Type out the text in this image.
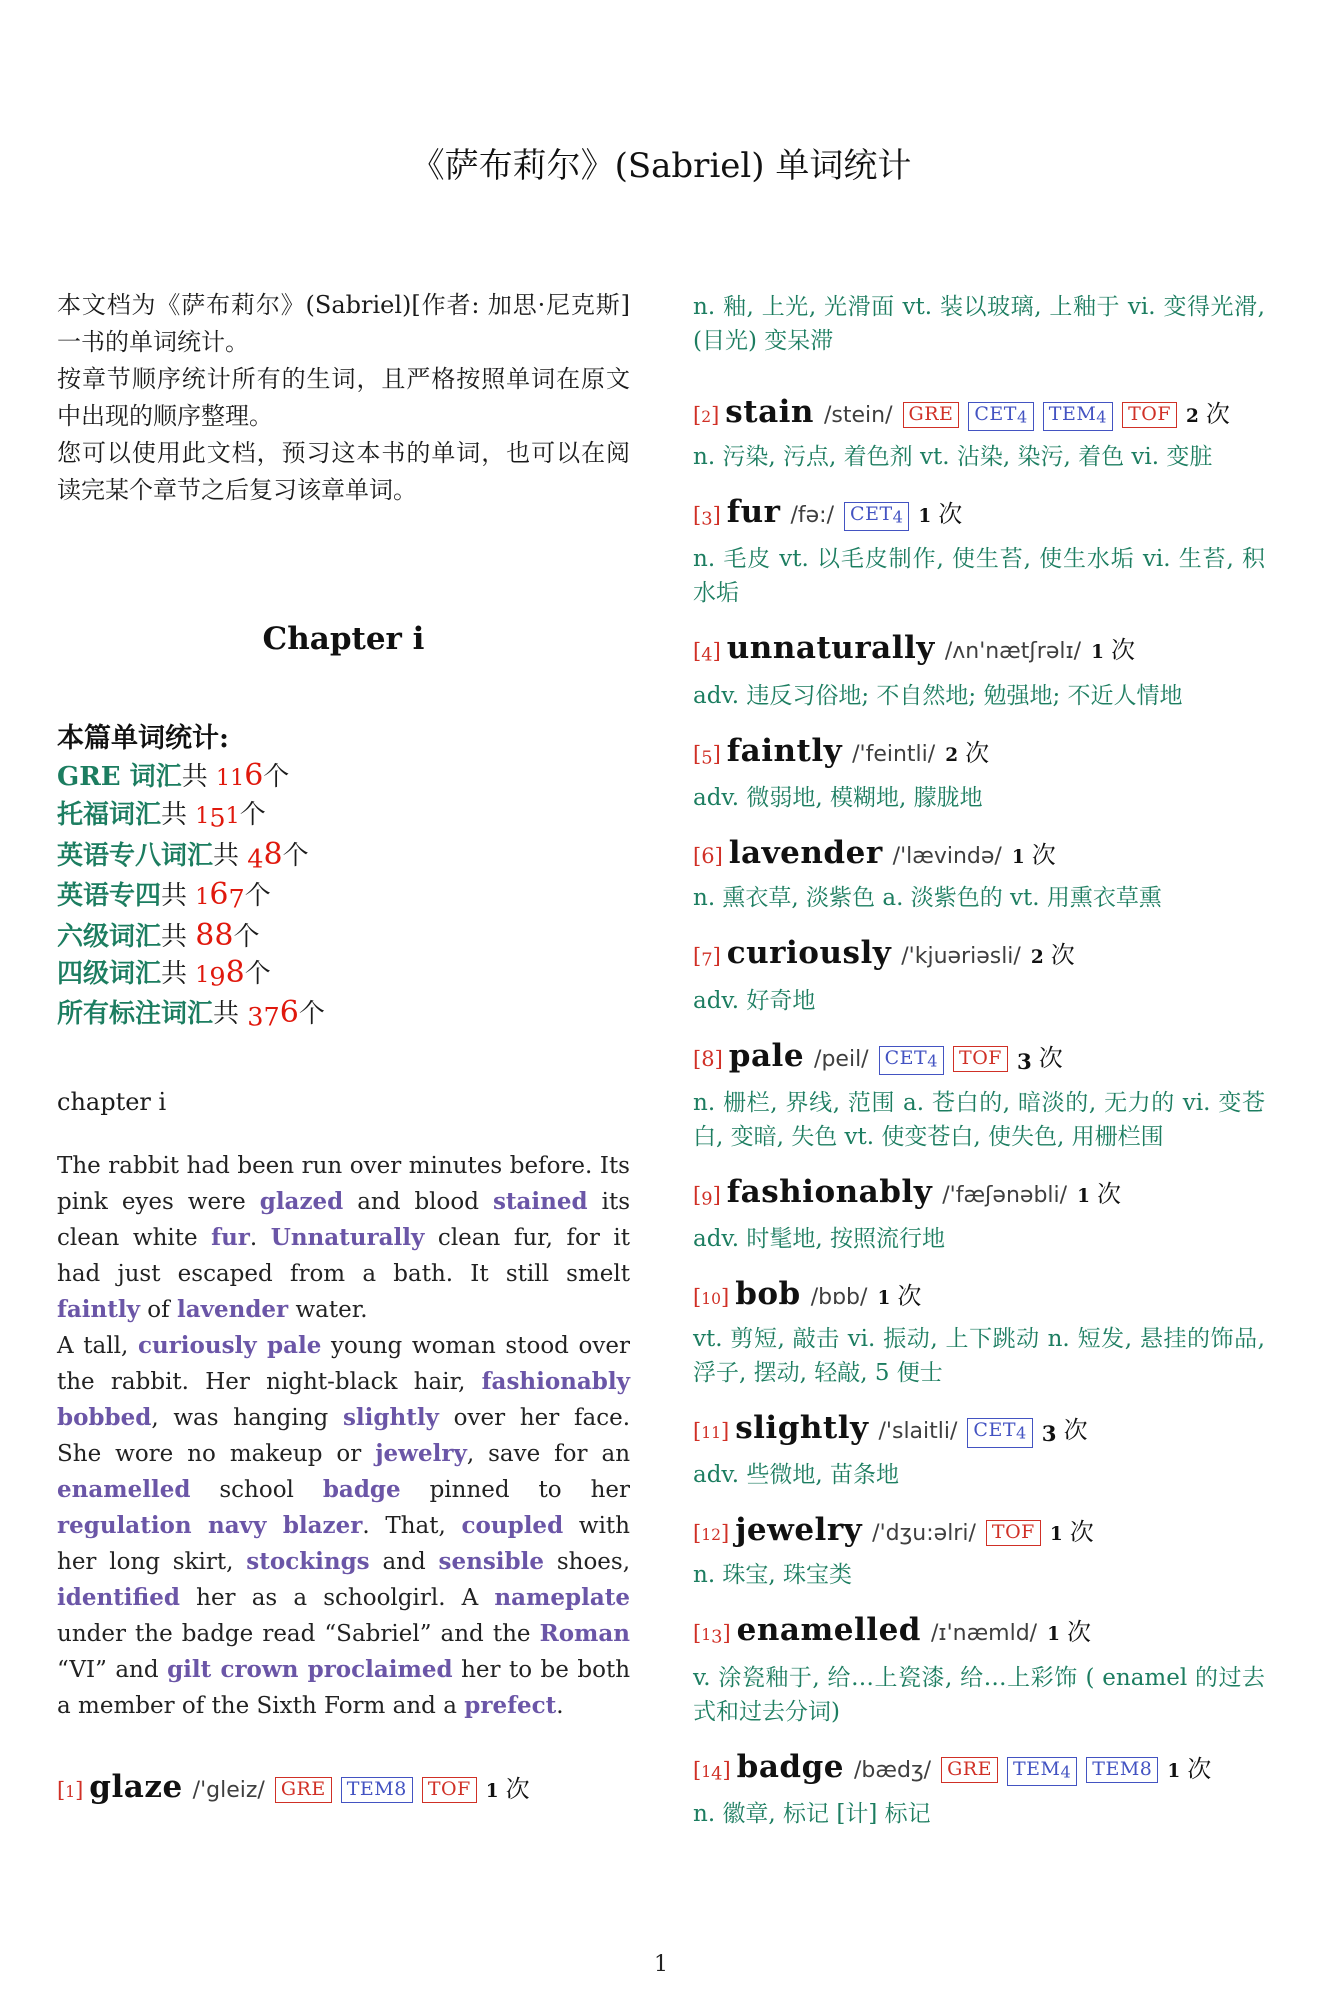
《萨布莉尔》(Sabriel) 单词统计

本文档为《萨布莉尔》(Sabriel)[作者: 加思·尼克斯] 一书的单词统计。

按章节顺序统计所有的生词，且严格按照单词在原文中出现的顺序整理。

您可以使用此文档，预习这本书的单词，也可以在阅读完某个章节之后复习该章单词。

Chapter i
本篇单词统计:
GRE 词汇共 116个
托福词汇共 151个
英语专八词汇共 48个
英语专四共 167个
六级词汇共 88个
四级词汇共 198个
所有标注词汇共 376个
chapter i

The rabbit had been run over minutes before. Its pink eyes were glazed and blood stained its clean white fur. Unnaturally clean fur, for it had just escaped from a bath. It still smelt faintly of lavender water.

A tall, curiously pale young woman stood over the rabbit. Her night-black hair, fashionably bobbed, was hanging slightly over her face. She wore no makeup or jewelry, save for an enamelled school badge pinned to her regulation navy blazer. That, coupled with her long skirt, stockings and sensible shoes, identified her as a schoolgirl. A nameplate under the badge read “Sabriel” and the Roman “VI” and gilt crown proclaimed her to be both a member of the Sixth Form and a prefect.

[1] glaze /'gleiz/ GRE TEM8 TOF 1 次
n. 釉, 上光, 光滑面 vt. 装以玻璃, 上釉于 vi. 变得光滑, (目光) 变呆滞
[2] stain /stein/ GRE CET4 TEM4 TOF 2 次
n. 污染, 污点, 着色剂 vt. 沾染, 染污, 着色 vi. 变脏
[3] fur /fə:/ CET4 1 次
n. 毛皮 vt. 以毛皮制作, 使生苔, 使生水垢 vi. 生苔, 积水垢
[4] unnaturally /ʌn'nætʃrəlɪ/ 1 次
adv. 违反习俗地; 不自然地; 勉强地; 不近人情地
[5] faintly /'feintli/ 2 次
adv. 微弱地, 模糊地, 朦胧地
[6] lavender /'lævində/ 1 次
n. 熏衣草, 淡紫色 a. 淡紫色的 vt. 用熏衣草熏
[7] curiously /'kjuəriəsli/ 2 次
adv. 好奇地
[8] pale /peil/ CET4 TOF 3 次
n. 栅栏, 界线, 范围 a. 苍白的, 暗淡的, 无力的 vi. 变苍白, 变暗, 失色 vt. 使变苍白, 使失色, 用栅栏围
[9] fashionably /'fæʃənəbli/ 1 次
adv. 时髦地, 按照流行地
[10] bob /bɒb/ 1 次
vt. 剪短, 敲击 vi. 振动, 上下跳动 n. 短发, 悬挂的饰品, 浮子, 摆动, 轻敲, 5 便士
[11] slightly /'slaitli/ CET4 3 次
adv. 些微地, 苗条地
[12] jewelry /'dʒu:əlri/ TOF 1 次
n. 珠宝, 珠宝类
[13] enamelled /ɪ'næmld/ 1 次
v. 涂瓷釉于, 给…上瓷漆, 给…上彩饰 ( enamel 的过去式和过去分词)
[14] badge /bædʒ/ GRE TEM4 TEM8 1 次
n. 徽章, 标记 [计] 标记
1
